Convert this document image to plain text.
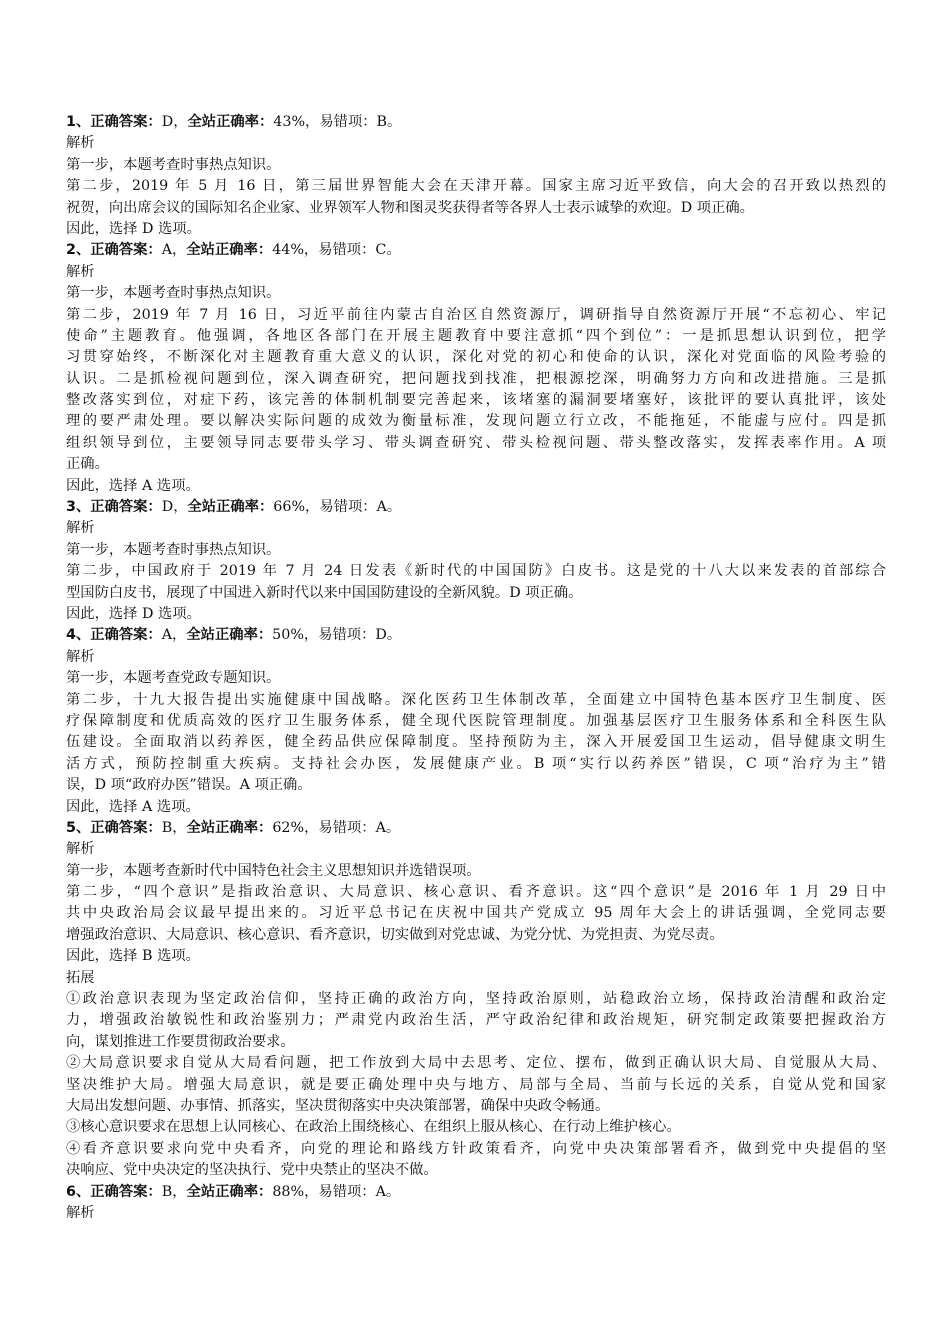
1、正确答案：D，全站正确率：43%，易错项：B。
解析
第一步，本题考查时事热点知识。
第二步，2019 年 5 月 16 日，第三届世界智能大会在天津开幕。国家主席习近平致信，向大会的召开致以热烈的
祝贺，向出席会议的国际知名企业家、业界领军人物和图灵奖获得者等各界人士表示诚挚的欢迎。D 项正确。
因此，选择 D 选项。
2、正确答案：A，全站正确率：44%，易错项：C。
解析
第一步，本题考查时事热点知识。
第二步，2019 年 7 月 16 日，习近平前往内蒙古自治区自然资源厅，调研指导自然资源厅开展“不忘初心、牢记
使命”主题教育。他强调，各地区各部门在开展主题教育中要注意抓“四个到位”：一是抓思想认识到位，把学
习贯穿始终，不断深化对主题教育重大意义的认识，深化对党的初心和使命的认识，深化对党面临的风险考验的
认识。二是抓检视问题到位，深入调查研究，把问题找到找准，把根源挖深，明确努力方向和改进措施。三是抓
整改落实到位，对症下药，该完善的体制机制要完善起来，该堵塞的漏洞要堵塞好，该批评的要认真批评，该处
理的要严肃处理。要以解决实际问题的成效为衡量标准，发现问题立行立改，不能拖延，不能虚与应付。四是抓
组织领导到位，主要领导同志要带头学习、带头调查研究、带头检视问题、带头整改落实，发挥表率作用。A 项
正确。
因此，选择 A 选项。
3、正确答案：D，全站正确率：66%，易错项：A。
解析
第一步，本题考查时事热点知识。
第二步，中国政府于 2019 年 7 月 24 日发表《新时代的中国国防》白皮书。这是党的十八大以来发表的首部综合
型国防白皮书，展现了中国进入新时代以来中国国防建设的全新风貌。D 项正确。
因此，选择 D 选项。
4、正确答案：A，全站正确率：50%，易错项：D。
解析
第一步，本题考查党政专题知识。
第二步，十九大报告提出实施健康中国战略。深化医药卫生体制改革，全面建立中国特色基本医疗卫生制度、医
疗保障制度和优质高效的医疗卫生服务体系，健全现代医院管理制度。加强基层医疗卫生服务体系和全科医生队
伍建设。全面取消以药养医，健全药品供应保障制度。坚持预防为主，深入开展爱国卫生运动，倡导健康文明生
活方式，预防控制重大疾病。支持社会办医，发展健康产业。B 项“实行以药养医”错误，C 项“治疗为主”错
误，D 项“政府办医”错误。A 项正确。
因此，选择 A 选项。
5、正确答案：B，全站正确率：62%，易错项：A。
解析
第一步，本题考查新时代中国特色社会主义思想知识并选错误项。
第二步，“四个意识”是指政治意识、大局意识、核心意识、看齐意识。这“四个意识”是 2016 年 1 月 29 日中
共中央政治局会议最早提出来的。习近平总书记在庆祝中国共产党成立 95 周年大会上的讲话强调，全党同志要
增强政治意识、大局意识、核心意识、看齐意识，切实做到对党忠诚、为党分忧、为党担责、为党尽责。
因此，选择 B 选项。
拓展
①政治意识表现为坚定政治信仰，坚持正确的政治方向，坚持政治原则，站稳政治立场，保持政治清醒和政治定
力，增强政治敏锐性和政治鉴别力；严肃党内政治生活，严守政治纪律和政治规矩，研究制定政策要把握政治方
向，谋划推进工作要贯彻政治要求。
②大局意识要求自觉从大局看问题，把工作放到大局中去思考、定位、摆布，做到正确认识大局、自觉服从大局、
坚决维护大局。增强大局意识，就是要正确处理中央与地方、局部与全局、当前与长远的关系，自觉从党和国家
大局出发想问题、办事情、抓落实，坚决贯彻落实中央决策部署，确保中央政令畅通。
③核心意识要求在思想上认同核心、在政治上围绕核心、在组织上服从核心、在行动上维护核心。
④看齐意识要求向党中央看齐，向党的理论和路线方针政策看齐，向党中央决策部署看齐，做到党中央提倡的坚
决响应、党中央决定的坚决执行、党中央禁止的坚决不做。
6、正确答案：B，全站正确率：88%，易错项：A。
解析
